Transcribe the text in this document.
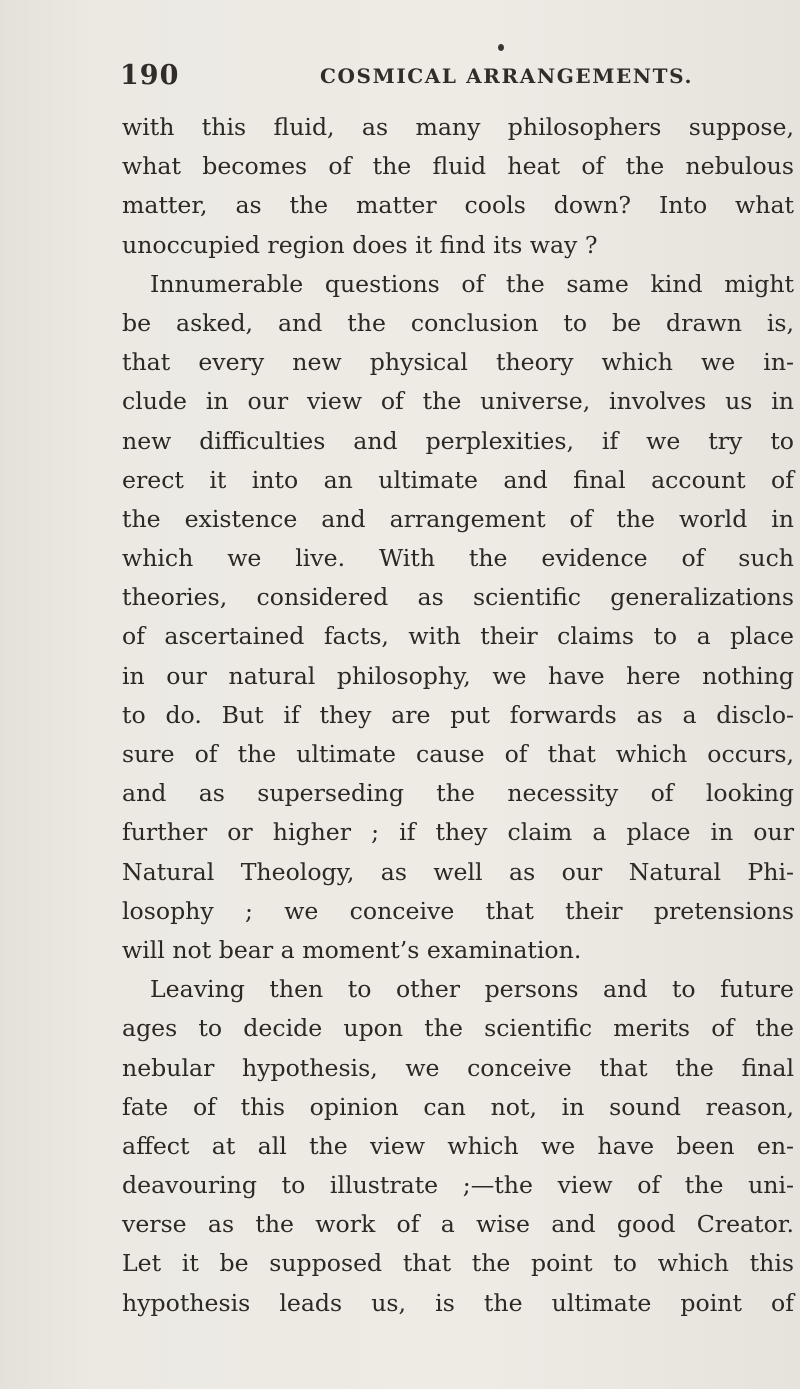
190	COSMICAL ARRANGEMENTS.
with this fluid, as many philosophers suppose,
what becomes of the fluid heat of the nebulous
matter, as the matter cools down? Into what
unoccupied region does it find its way ?
Innumerable questions of the same kind might
be asked, and the conclusion to be drawn is,
that every new physical theory which we in-
clude in our view of the universe, involves us in
new difficulties and perplexities, if we try to
erect it into an ultimate and final account of
the existence and arrangement of the world in
which we live. With the evidence of such
theories, considered as scientific generalizations
of ascertained facts, with their claims to a place
in our natural philosophy, we have here nothing
to do. But if they are put forwards as a disclo-
sure of the ultimate cause of that which occurs,
and as superseding the necessity of looking
further or higher ; if they claim a place in our
Natural Theology, as well as our Natural Phi-
losophy ; we conceive that their pretensions
will not bear a moment’s examination.
Leaving then to other persons and to future
ages to decide upon the scientific merits of the
nebular hypothesis, we conceive that the final
fate of this opinion can not, in sound reason,
affect at all the view which we have been en-
deavouring to illustrate ;—the view of the uni-
verse as the work of a wise and good Creator.
Let it be supposed that the point to which this
hypothesis leads us, is the ultimate point of
